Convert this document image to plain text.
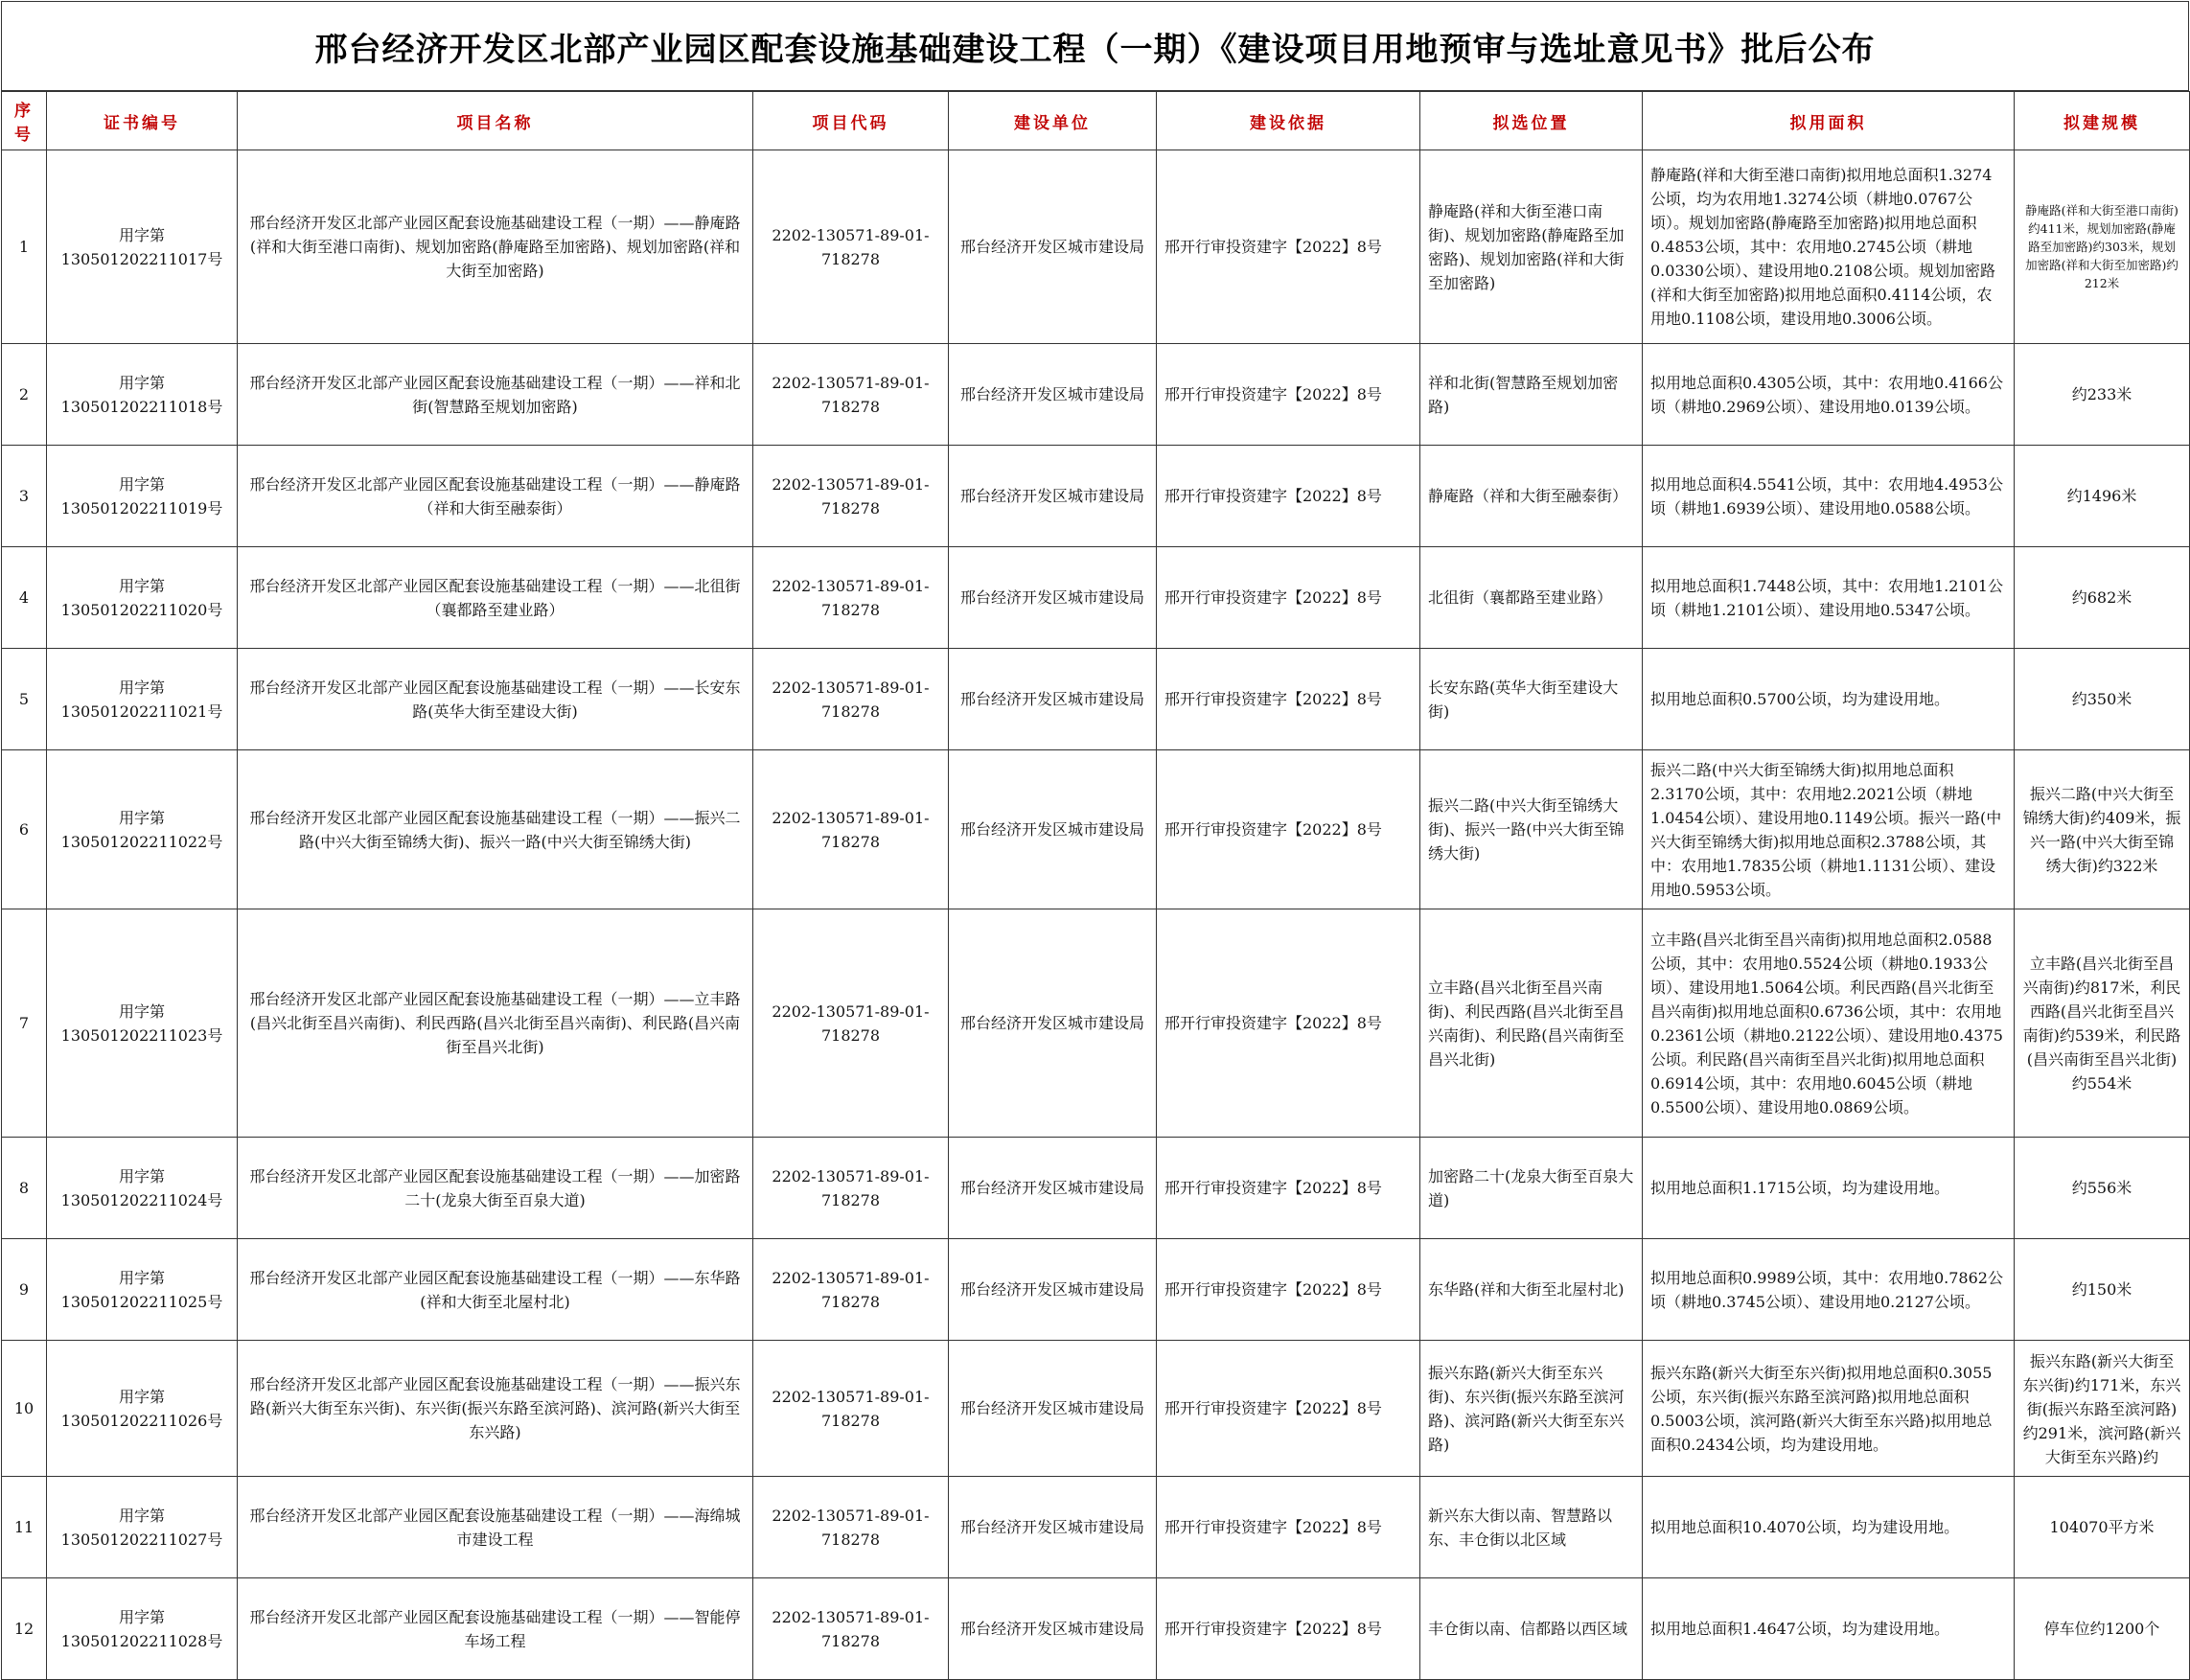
邢台经济开发区北部产业园区配套设施基础建设工程（一期）《建设项目用地预审与选址意见书》批后公布
序号	证书编号	项目名称	项目代码	建设单位	建设依据	拟选位置	拟用面积	拟建规模
1	用字第130501202211017号	邢台经济开发区北部产业园区配套设施基础建设工程（一期）——静庵路(祥和大街至港口南街)、规划加密路(静庵路至加密路)、规划加密路(祥和大街至加密路)	2202-130571-89-01-718278	邢台经济开发区城市建设局	邢开行审投资建字【2022】8号	静庵路(祥和大街至港口南街)、规划加密路(静庵路至加密路)、规划加密路(祥和大街至加密路)	静庵路(祥和大街至港口南街)拟用地总面积1.3274公顷，均为农用地1.3274公顷（耕地0.0767公顷）。规划加密路(静庵路至加密路)拟用地总面积0.4853公顷，其中：农用地0.2745公顷（耕地0.0330公顷）、建设用地0.2108公顷。规划加密路(祥和大街至加密路)拟用地总面积0.4114公顷，农用地0.1108公顷，建设用地0.3006公顷。	静庵路(祥和大街至港口南街)约411米，规划加密路(静庵路至加密路)约303米，规划加密路(祥和大街至加密路)约212米
2	用字第130501202211018号	邢台经济开发区北部产业园区配套设施基础建设工程（一期）——祥和北街(智慧路至规划加密路)	2202-130571-89-01-718278	邢台经济开发区城市建设局	邢开行审投资建字【2022】8号	祥和北街(智慧路至规划加密路)	拟用地总面积0.4305公顷，其中：农用地0.4166公顷（耕地0.2969公顷）、建设用地0.0139公顷。	约233米
3	用字第130501202211019号	邢台经济开发区北部产业园区配套设施基础建设工程（一期）——静庵路（祥和大街至融泰街）	2202-130571-89-01-718278	邢台经济开发区城市建设局	邢开行审投资建字【2022】8号	静庵路（祥和大街至融泰街）	拟用地总面积4.5541公顷，其中：农用地4.4953公顷（耕地1.6939公顷）、建设用地0.0588公顷。	约1496米
4	用字第130501202211020号	邢台经济开发区北部产业园区配套设施基础建设工程（一期）——北徂街（襄都路至建业路）	2202-130571-89-01-718278	邢台经济开发区城市建设局	邢开行审投资建字【2022】8号	北徂街（襄都路至建业路）	拟用地总面积1.7448公顷，其中：农用地1.2101公顷（耕地1.2101公顷）、建设用地0.5347公顷。	约682米
5	用字第130501202211021号	邢台经济开发区北部产业园区配套设施基础建设工程（一期）——长安东路(英华大街至建设大街)	2202-130571-89-01-718278	邢台经济开发区城市建设局	邢开行审投资建字【2022】8号	长安东路(英华大街至建设大街)	拟用地总面积0.5700公顷，均为建设用地。	约350米
6	用字第130501202211022号	邢台经济开发区北部产业园区配套设施基础建设工程（一期）——振兴二路(中兴大街至锦绣大街)、振兴一路(中兴大街至锦绣大街)	2202-130571-89-01-718278	邢台经济开发区城市建设局	邢开行审投资建字【2022】8号	振兴二路(中兴大街至锦绣大街)、振兴一路(中兴大街至锦绣大街)	振兴二路(中兴大街至锦绣大街)拟用地总面积2.3170公顷，其中：农用地2.2021公顷（耕地1.0454公顷）、建设用地0.1149公顷。振兴一路(中兴大街至锦绣大街)拟用地总面积2.3788公顷，其中：农用地1.7835公顷（耕地1.1131公顷）、建设用地0.5953公顷。	振兴二路(中兴大街至锦绣大街)约409米，振兴一路(中兴大街至锦绣大街)约322米
7	用字第130501202211023号	邢台经济开发区北部产业园区配套设施基础建设工程（一期）——立丰路(昌兴北街至昌兴南街)、利民西路(昌兴北街至昌兴南街)、利民路(昌兴南街至昌兴北街)	2202-130571-89-01-718278	邢台经济开发区城市建设局	邢开行审投资建字【2022】8号	立丰路(昌兴北街至昌兴南街)、利民西路(昌兴北街至昌兴南街)、利民路(昌兴南街至昌兴北街)	立丰路(昌兴北街至昌兴南街)拟用地总面积2.0588公顷，其中：农用地0.5524公顷（耕地0.1933公顷）、建设用地1.5064公顷。利民西路(昌兴北街至昌兴南街)拟用地总面积0.6736公顷，其中：农用地0.2361公顷（耕地0.2122公顷）、建设用地0.4375公顷。利民路(昌兴南街至昌兴北街)拟用地总面积0.6914公顷，其中：农用地0.6045公顷（耕地0.5500公顷）、建设用地0.0869公顷。	立丰路(昌兴北街至昌兴南街)约817米，利民西路(昌兴北街至昌兴南街)约539米，利民路(昌兴南街至昌兴北街)约554米
8	用字第130501202211024号	邢台经济开发区北部产业园区配套设施基础建设工程（一期）——加密路二十(龙泉大街至百泉大道)	2202-130571-89-01-718278	邢台经济开发区城市建设局	邢开行审投资建字【2022】8号	加密路二十(龙泉大街至百泉大道)	拟用地总面积1.1715公顷，均为建设用地。	约556米
9	用字第130501202211025号	邢台经济开发区北部产业园区配套设施基础建设工程（一期）——东华路(祥和大街至北屋村北)	2202-130571-89-01-718278	邢台经济开发区城市建设局	邢开行审投资建字【2022】8号	东华路(祥和大街至北屋村北)	拟用地总面积0.9989公顷，其中：农用地0.7862公顷（耕地0.3745公顷）、建设用地0.2127公顷。	约150米
10	用字第130501202211026号	邢台经济开发区北部产业园区配套设施基础建设工程（一期）——振兴东路(新兴大街至东兴街)、东兴街(振兴东路至滨河路)、滨河路(新兴大街至东兴路)	2202-130571-89-01-718278	邢台经济开发区城市建设局	邢开行审投资建字【2022】8号	振兴东路(新兴大街至东兴街)、东兴街(振兴东路至滨河路)、滨河路(新兴大街至东兴路)	振兴东路(新兴大街至东兴街)拟用地总面积0.3055公顷，东兴街(振兴东路至滨河路)拟用地总面积0.5003公顷，滨河路(新兴大街至东兴路)拟用地总面积0.2434公顷，均为建设用地。	振兴东路(新兴大街至东兴街)约171米，东兴街(振兴东路至滨河路)约291米，滨河路(新兴大街至东兴路)约

11	用字第130501202211027号	邢台经济开发区北部产业园区配套设施基础建设工程（一期）——海绵城市建设工程	2202-130571-89-01-718278	邢台经济开发区城市建设局	邢开行审投资建字【2022】8号	新兴东大街以南、智慧路以东、丰仓街以北区域	拟用地总面积10.4070公顷，均为建设用地。	104070平方米
12	用字第130501202211028号	邢台经济开发区北部产业园区配套设施基础建设工程（一期）——智能停车场工程	2202-130571-89-01-718278	邢台经济开发区城市建设局	邢开行审投资建字【2022】8号	丰仓街以南、信都路以西区域	拟用地总面积1.4647公顷，均为建设用地。	停车位约1200个
